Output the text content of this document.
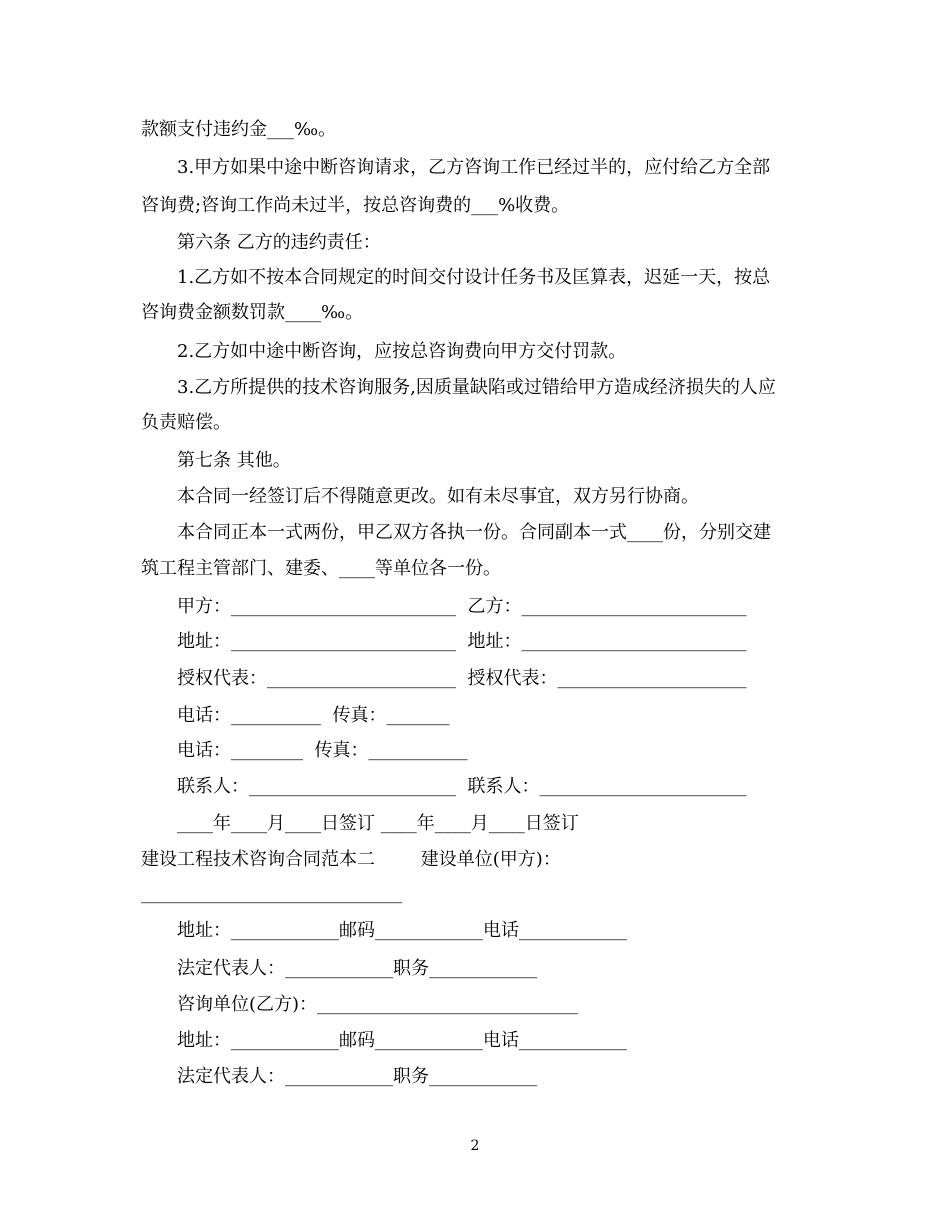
款额支付违约金___‰。
3.甲方如果中途中断咨询请求，乙方咨询工作已经过半的，应付给乙方全部
咨询费;咨询工作尚未过半，按总咨询费的___%收费。
第六条 乙方的违约责任：
1.乙方如不按本合同规定的时间交付设计任务书及匡算表，迟延一天，按总
咨询费金额数罚款____‰。
2.乙方如中途中断咨询，应按总咨询费向甲方交付罚款。
3.乙方所提供的技术咨询服务,因质量缺陷或过错给甲方造成经济损失的人应
负责赔偿。
第七条 其他。
本合同一经签订后不得随意更改。如有未尽事宜，双方另行协商。
本合同正本一式两份，甲乙双方各执一份。合同副本一式____份，分别交建
筑工程主管部门、建委、____等单位各一份。
甲方：_________________________  乙方：_________________________
地址：_________________________  地址：_________________________
授权代表：_____________________  授权代表：_____________________
电话：__________  传真：_______
电话：________  传真：___________
联系人：_______________________  联系人：_______________________
____年____月____日签订 ____年____月____日签订
建设工程技术咨询合同范本二        建设单位(甲方)：
_____________________________
地址：____________邮码____________电话____________
法定代表人：____________职务____________
咨询单位(乙方)：_____________________________
地址：____________邮码____________电话____________
法定代表人：____________职务____________
2
